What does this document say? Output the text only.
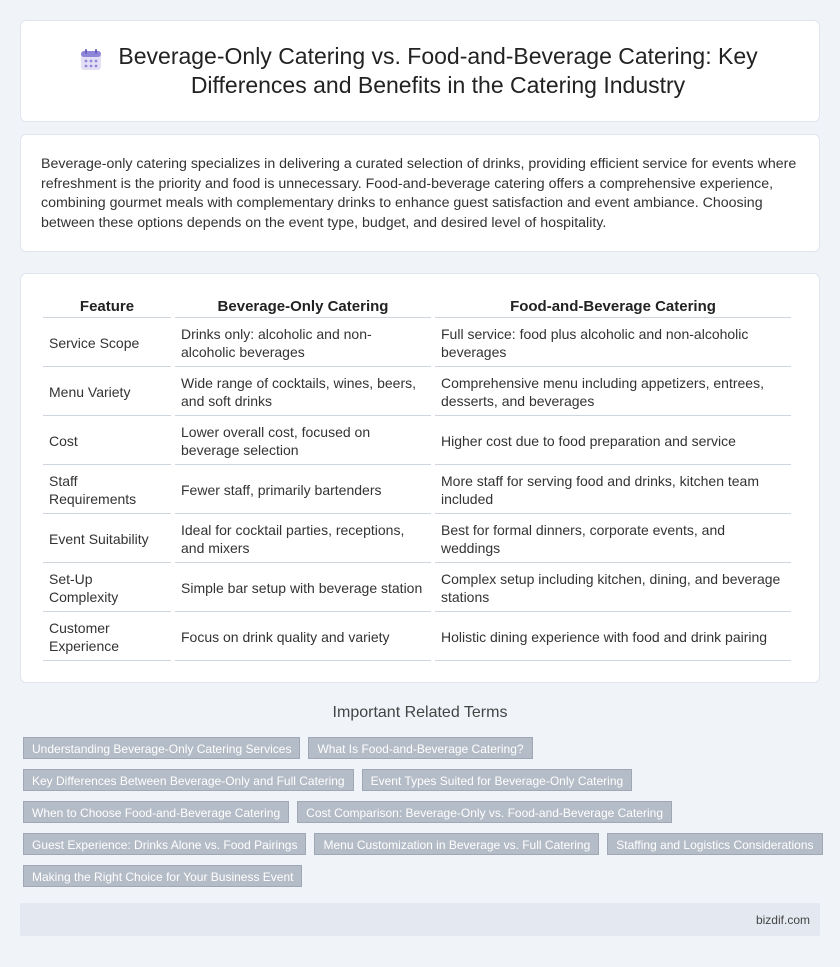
Beverage-Only Catering vs. Food-and-Beverage Catering: Key Differences and Benefits in the Catering Industry

Beverage-only catering specializes in delivering a curated selection of drinks, providing efficient service for events where refreshment is the priority and food is unnecessary. Food-and-beverage catering offers a comprehensive experience, combining gourmet meals with complementary drinks to enhance guest satisfaction and event ambiance. Choosing between these options depends on the event type, budget, and desired level of hospitality.

Feature	Beverage-Only Catering	Food-and-Beverage Catering
Service Scope	Drinks only: alcoholic and non-alcoholic beverages	Full service: food plus alcoholic and non-alcoholic beverages
Menu Variety	Wide range of cocktails, wines, beers, and soft drinks	Comprehensive menu including appetizers, entrees, desserts, and beverages
Cost	Lower overall cost, focused on beverage selection	Higher cost due to food preparation and service
Staff Requirements	Fewer staff, primarily bartenders	More staff for serving food and drinks, kitchen team included
Event Suitability	Ideal for cocktail parties, receptions, and mixers	Best for formal dinners, corporate events, and weddings
Set-Up Complexity	Simple bar setup with beverage station	Complex setup including kitchen, dining, and beverage stations
Customer Experience	Focus on drink quality and variety	Holistic dining experience with food and drink pairing
Important Related Terms
Understanding Beverage-Only Catering Services	What Is Food-and-Beverage Catering?
Key Differences Between Beverage-Only and Full Catering	Event Types Suited for Beverage-Only Catering
When to Choose Food-and-Beverage Catering	Cost Comparison: Beverage-Only vs. Food-and-Beverage Catering
Guest Experience: Drinks Alone vs. Food Pairings	Menu Customization in Beverage vs. Full Catering	Staffing and Logistics Considerations
Making the Right Choice for Your Business Event
bizdif.com
